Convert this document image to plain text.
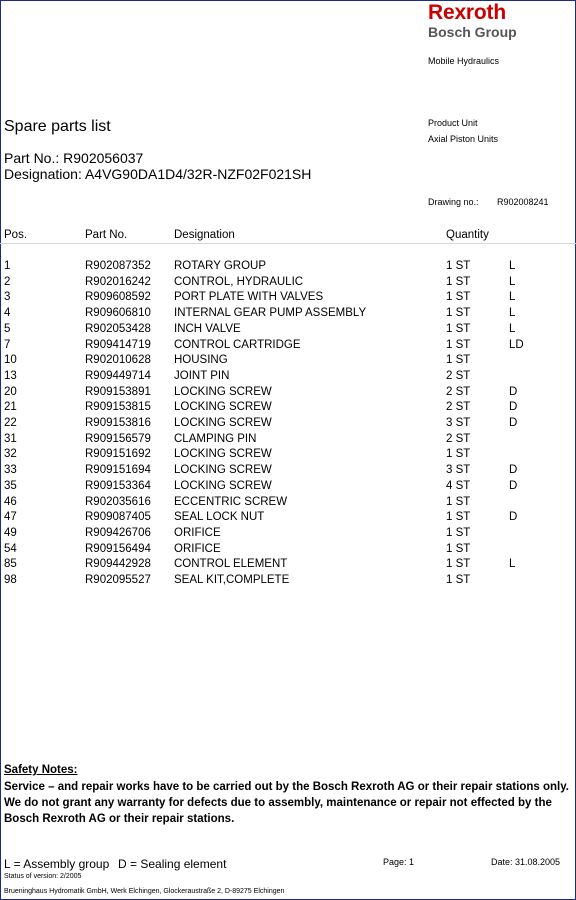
Rexroth
Bosch Group
Mobile Hydraulics
Product Unit
Axial Piston Units
Spare parts list
Part No.: R902056037
Designation: A4VG90DA1D4/32R-NZF02F021SH
Drawing no.: R902008241
Pos.	Part No.	Designation	Quantity
1	R902087352 ROTARY GROUP	1 ST	L
2	R902016242 CONTROL, HYDRAULIC	1 ST	L
3	R909608592 PORT PLATE WITH VALVES	1 ST	L
4	R909606810 INTERNAL GEAR PUMP ASSEMBLY	1 ST	L
5	R902053428 INCH VALVE	1 ST	L
7	R909414719 CONTROL CARTRIDGE	1 ST	LD
10	R902010628 HOUSING	1 ST
13	R909449714 JOINT PIN	2 ST
20	R909153891 LOCKING SCREW	2 ST	D
21	R909153815 LOCKING SCREW	2 ST	D
22	R909153816 LOCKING SCREW	3 ST	D
31	R909156579 CLAMPING PIN	2 ST
32	R909151692 LOCKING SCREW	1 ST
33	R909151694 LOCKING SCREW	3 ST	D
35	R909153364 LOCKING SCREW	4 ST	D
46	R902035616 ECCENTRIC SCREW	1 ST
47	R909087405 SEAL LOCK NUT	1 ST	D
49	R909426706 ORIFICE	1 ST
54	R909156494 ORIFICE	1 ST
85	R909442928 CONTROL ELEMENT	1 ST	L
98	R902095527 SEAL KIT,COMPLETE	1 ST
Safety Notes:
Service – and repair works have to be carried out by the Bosch Rexroth AG or their repair stations only. We do not grant any warranty for defects due to assembly, maintenance or repair not effected by the Bosch Rexroth AG or their repair stations.
L = Assembly group D = Sealing element	Page: 1	Date: 31.08.2005
Status of version: 2/2005
Brueninghaus Hydromatik GmbH, Werk Elchingen, Glockeraustraße 2, D-89275 Elchingen
